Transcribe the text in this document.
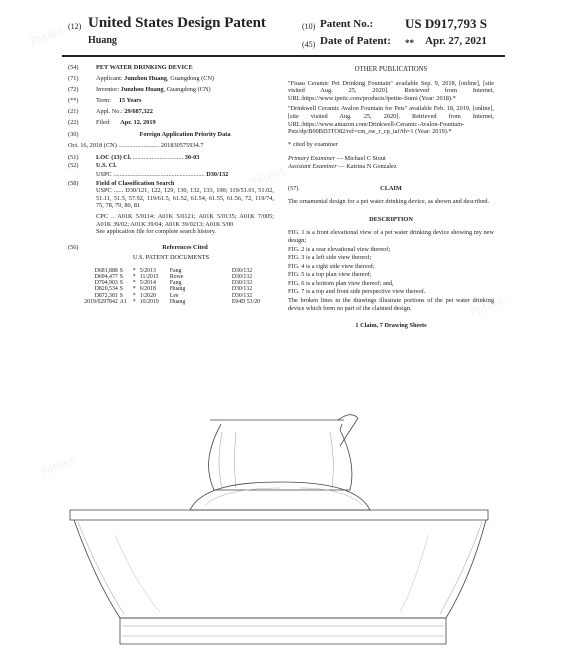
Patent
Patent
Patent
Patent
(12) United States Design Patent
Huang
(10) Patent No.: US D917,793 S
(45) Date of Patent: ** Apr. 27, 2021
(54)	PET WATER DRINKING DEVICE
(71)	Applicant: Junzhou Huang, Guangdong (CN)
(72)	Inventor: Junzhou Huang, Guangdong (CN)
(**)	Term: 15 Years
(21)	Appl. No.: 29/687,322
(22)	Filed: Apr. 12, 2019
(30)	Foreign Application Priority Data
Oct. 16, 2018 (CN) .......................... 201830575934.7
(51)	LOC (13) Cl. ................................ 30-03
(52)	U.S. Cl.
USPC .......................................................... D30/132
(58)	Field of Classification Search
USPC ...... D30/121, 122, 129, 130, 132, 133, 190; 119/51.01, 51.02, 51.11, 51.5, 57.92, 119/61.5, 61.52, 61.54, 61.55, 61.56, 72, 119/74, 75, 78, 79, 80, 81
CPC .. A01K 5/0114; A01K 5/0121; A01K 5/0135; A01K 7/005; A01K 39/02; A01K 39/04; A01K 39/0213; A01K 5/00
See application file for complete search history.
(56)	References Cited
U.S. PATENT DOCUMENTS
D681,888	S	*	5/2013	Fang	D30/132
D694,477	S	*	11/2013	Rowe	D30/132
D704,903	S	*	5/2014	Fang	D30/132
D820,534	S	*	6/2018	Huang	D30/132
D872,381	S	*	1/2020	Lee	D30/132
2019/0297842	A1	*	10/2019	Huang	E04D 53/20
OTHER PUBLICATIONS

"Fiuau Ceramic Pet Drinking Fountain" available Sep. 9, 2018, [online], [site visited Aug. 25, 2020]. Retrieved from Internet, URL:https://www.ipetic.com/products/ipettie-fiumi (Year: 2018).*

"Drinkwell Ceramic Avalon Fountain for Pets" available Feb. 18, 2019, [online], [site visited Aug. 25, 2020]. Retrieved from Internet, URL:https://www.amazon.com/Drinkwell-Ceramic-Avalon-Fountain-Pets/dp/B00BD3TO82/ref=cm_sw_r_cp_tai?th=1 (Year: 2019).*

* cited by examiner

Primary Examiner — Michael C Stout
Assistant Examiner — Katrina N Gonzalez
(57)	CLAIM

The ornamental design for a pet water drinking device, as shown and described.

DESCRIPTION
FIG. 1 is a front elevational view of a pet water drinking device showing my new design;
FIG. 2 is a rear elevational view thereof;
FIG. 3 is a left side view thereof;
FIG. 4 is a right side view thereof;
FIG. 5 is a top plan view thereof;
FIG. 6 is a bottom plan view thereof; and,
FIG. 7 is a top and front side perspective view thereof.

The broken lines in the drawings illustrate portions of the pet water drinking device which form no part of the claimed design.

1 Claim, 7 Drawing Sheets
